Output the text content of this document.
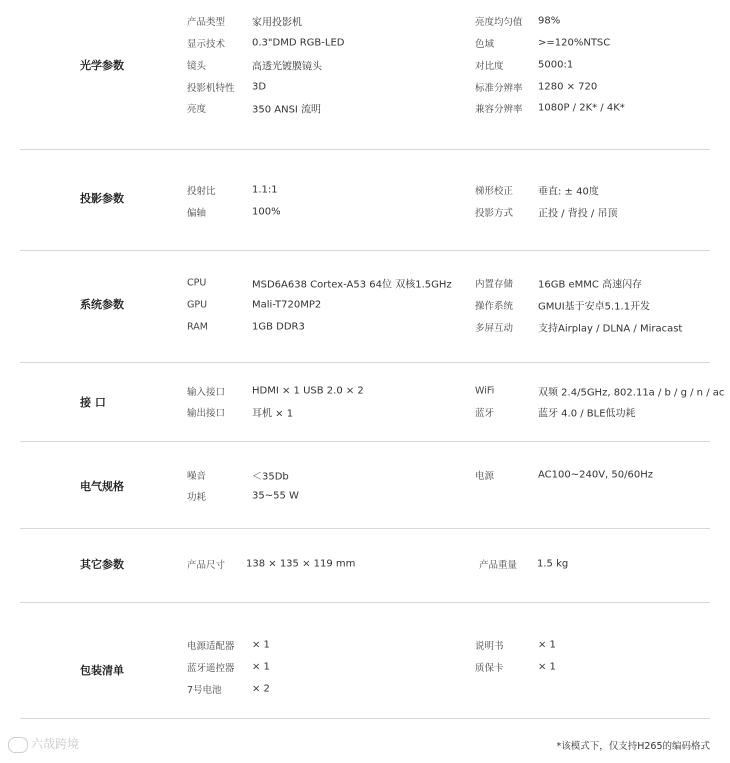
光学参数
产品类型	家用投影机	亮度均匀值 98%
显示技术	0.3"DMD RGB-LED	色域	>=120%NTSC
镜头	高透光镀膜镜头	对比度	5000:1
投影机特性 3D	标准分辨率 1280 × 720
亮度	350 ANSI 流明	兼容分辨率 1080P / 2K* / 4K*
投影参数
投射比	1.1:1	梯形校正 垂直: ± 40度
偏轴	100%	投影方式 正投 / 背投 / 吊顶
系统参数
CPU	MSD6A638 Cortex-A53 64位 双核1.5GHz 内置存储 16GB eMMC 高速闪存
GPU	Mali-T720MP2	操作系统 GMUI基于安卓5.1.1开发
RAM	1GB DDR3	多屏互动 支持Airplay / DLNA / Miracast
接 口
输入接口	HDMI × 1 USB 2.0 × 2	WiFi	双频 2.4/5GHz, 802.11a / b / g / n / ac
输出接口	耳机 × 1	蓝牙	蓝牙 4.0 / BLE低功耗
电气规格
噪音	＜35Db	电源	AC100~240V, 50/60Hz
功耗	35~55 W
其它参数	产品尺寸 138 × 135 × 119 mm	产品重量 1.5 kg
包装清单
电源适配器 × 1	说明书	× 1
蓝牙遥控器 × 1	质保卡	× 1
7号电池	× 2
六哉跨境	*该模式下，仅支持H265的编码格式
